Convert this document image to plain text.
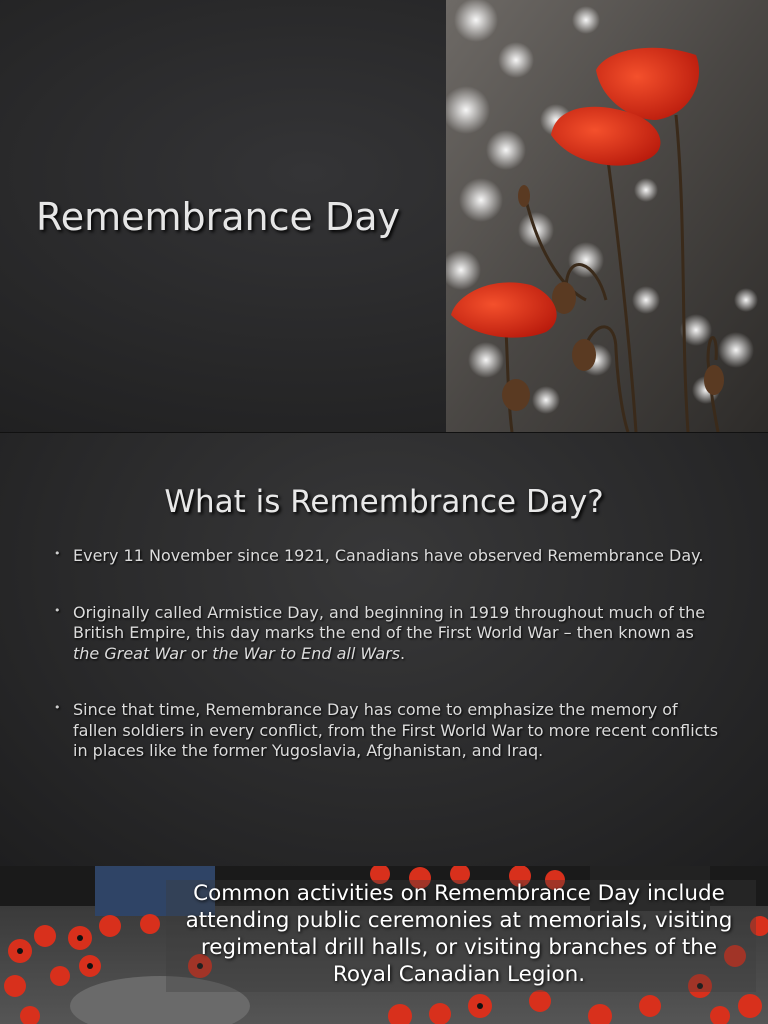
Remembrance Day
What is Remembrance Day?
• Every 11 November since 1921, Canadians have observed Remembrance Day.
• Originally called Armistice Day, and beginning in 1919 throughout much of the British Empire, this day marks the end of the First World War – then known as the Great War or the War to End all Wars.
• Since that time, Remembrance Day has come to emphasize the memory of fallen soldiers in every conflict, from the First World War to more recent conflicts in places like the former Yugoslavia, Afghanistan, and Iraq.
Common activities on Remembrance Day include attending public ceremonies at memorials, visiting regimental drill halls, or visiting branches of the Royal Canadian Legion.
